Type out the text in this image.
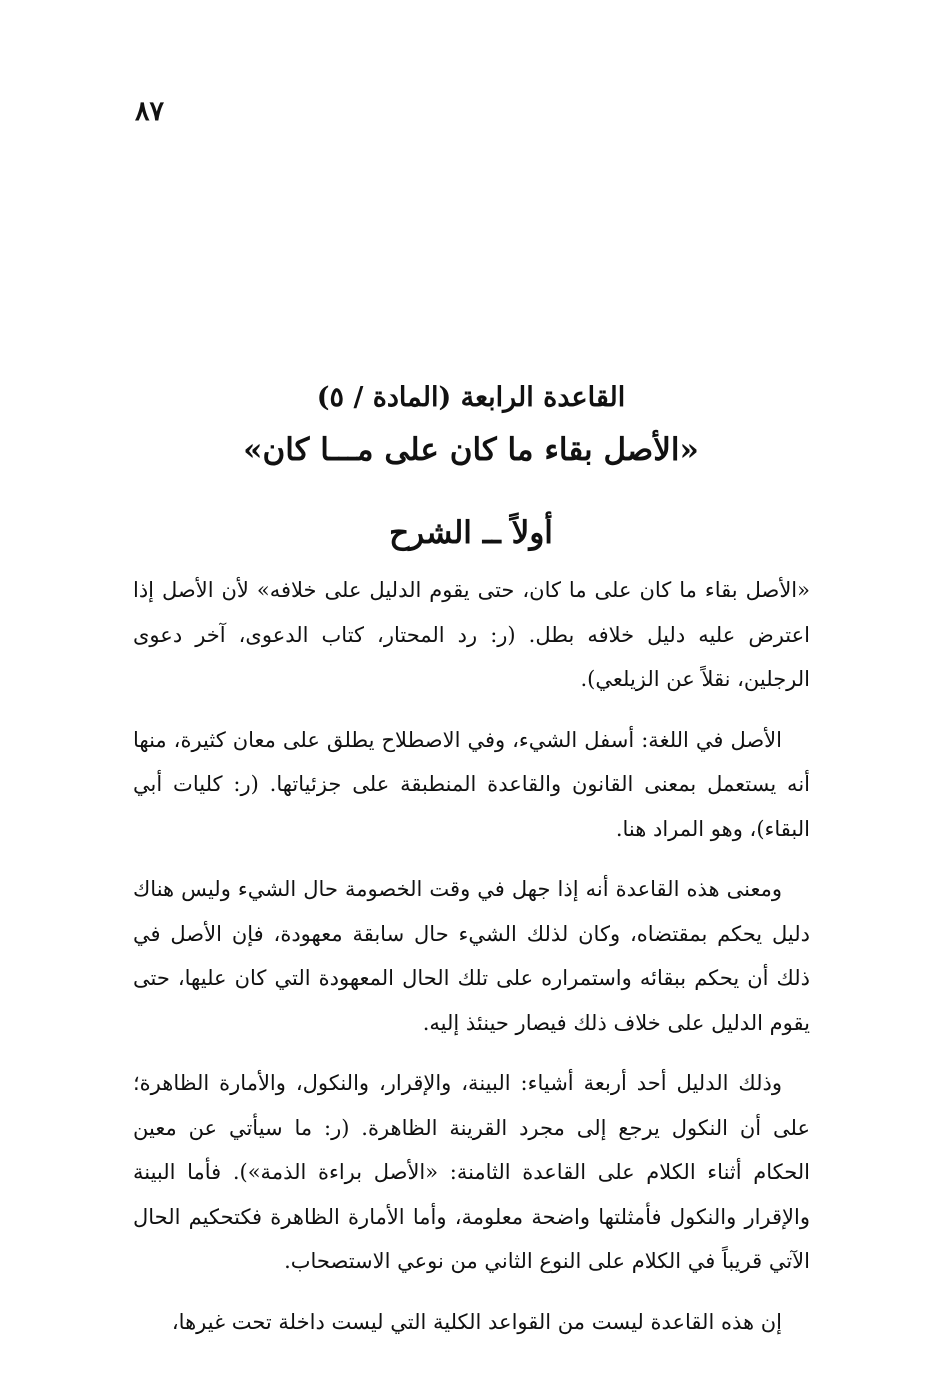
٨٧
القاعدة الرابعة (المادة / ٥)
«الأصل بقاء ما كان على مـــا كان»
أولاً ــ الشرح

«الأصل بقاء ما كان على ما كان، حتى يقوم الدليل على خلافه» لأن الأصل إذا اعترض عليه دليل خلافه بطل. (ر: رد المحتار، كتاب الدعوى، آخر دعوى الرجلين، نقلاً عن الزيلعي).

الأصل في اللغة: أسفل الشيء، وفي الاصطلاح يطلق على معان كثيرة، منها أنه يستعمل بمعنى القانون والقاعدة المنطبقة على جزئياتها. (ر: كليات أبي البقاء)، وهو المراد هنا.

ومعنى هذه القاعدة أنه إذا جهل في وقت الخصومة حال الشيء وليس هناك دليل يحكم بمقتضاه، وكان لذلك الشيء حال سابقة معهودة، فإن الأصل في ذلك أن يحكم ببقائه واستمراره على تلك الحال المعهودة التي كان عليها، حتى يقوم الدليل على خلاف ذلك فيصار حينئذ إليه.

وذلك الدليل أحد أربعة أشياء: البينة، والإقرار، والنكول، والأمارة الظاهرة؛ على أن النكول يرجع إلى مجرد القرينة الظاهرة. (ر: ما سيأتي عن معين الحكام أثناء الكلام على القاعدة الثامنة: «الأصل براءة الذمة»). فأما البينة والإقرار والنكول فأمثلتها واضحة معلومة، وأما الأمارة الظاهرة فكتحكيم الحال الآتي قريباً في الكلام على النوع الثاني من نوعي الاستصحاب.

إن هذه القاعدة ليست من القواعد الكلية التي ليست داخلة تحت غيرها،
